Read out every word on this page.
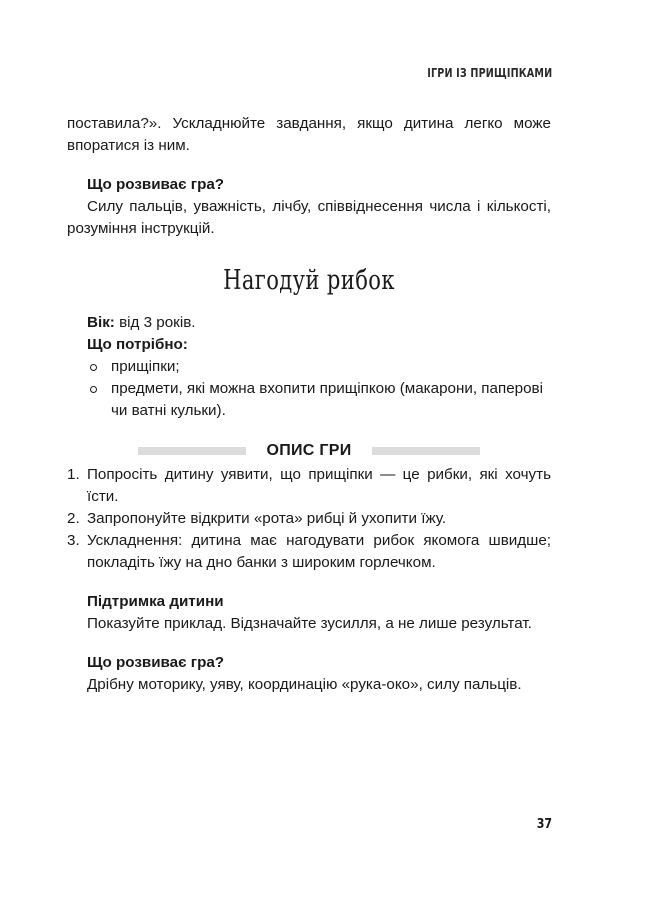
ІГРИ ІЗ ПРИЩІПКАМИ

поставила?». Ускладнюйте завдання, якщо дитина легко може впоратися із ним.

Що розвиває гра?

Силу пальців, уважність, лічбу, співвіднесення числа і кількості, розуміння інструкцій.

Нагодуй рибок

Вік: від 3 років.

Що потрібно:

прищіпки;
предмети, які можна вхопити прищіпкою (макарони, паперові чи ватні кульки).
ОПИС ГРИ
1. Попросіть дитину уявити, що прищіпки — це рибки, які хочуть їсти.

2. Запропонуйте відкрити «рота» рибці й ухопити їжу.

3. Ускладнення: дитина має нагодувати рибок якомога швидше; покладіть їжу на дно банки з широким горлечком.

Підтримка дитини

Показуйте приклад. Відзначайте зусилля, а не лише результат.

Що розвиває гра?

Дрібну моторику, уяву, координацію «рука-око», силу пальців.

37
